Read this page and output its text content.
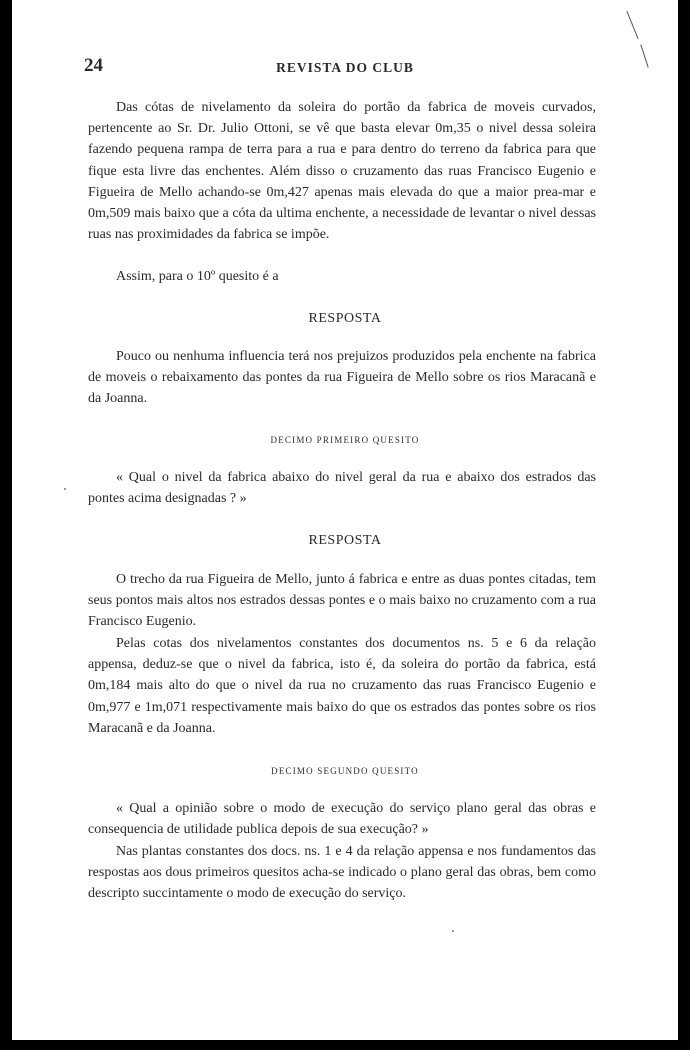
24	REVISTA DO CLUB

Das cótas de nivelamento da soleira do portão da fabrica de moveis curvados, pertencente ao Sr. Dr. Julio Ottoni, se vê que basta elevar 0m,35 o nivel dessa soleira fazendo pequena rampa de terra para a rua e para dentro do terreno da fabrica para que fique esta livre das enchentes. Além disso o cruzamento das ruas Francisco Eugenio e Figueira de Mello achando-se 0m,427 apenas mais elevada do que a maior prea-mar e 0m,509 mais baixo que a cóta da ultima enchente, a necessidade de levantar o nivel dessas ruas nas proximidades da fabrica se impõe.

Assim, para o 10º quesito é a

RESPOSTA

Pouco ou nenhuma influencia terá nos prejuizos produzidos pela enchente na fabrica de moveis o rebaixamento das pontes da rua Figueira de Mello sobre os rios Maracanã e da Joanna.

DECIMO PRIMEIRO QUESITO

« Qual o nivel da fabrica abaixo do nivel geral da rua e abaixo dos estrados das pontes acima designadas ? »

RESPOSTA

O trecho da rua Figueira de Mello, junto á fabrica e entre as duas pontes citadas, tem seus pontos mais altos nos estrados dessas pontes e o mais baixo no cruzamento com a rua Francisco Eugenio.

Pelas cotas dos nivelamentos constantes dos documentos ns. 5 e 6 da relação appensa, deduz-se que o nivel da fabrica, isto é, da soleira do portão da fabrica, está 0m,184 mais alto do que o nivel da rua no cruzamento das ruas Francisco Eugenio e 0m,977 e 1m,071 respectivamente mais baixo do que os estrados das pontes sobre os rios Maracanã e da Joanna.

DECIMO SEGUNDO QUESITO

« Qual a opinião sobre o modo de execução do serviço plano geral das obras e consequencia de utilidade publica depois de sua execução? »

Nas plantas constantes dos docs. ns. 1 e 4 da relação appensa e nos fundamentos das respostas aos dous primeiros quesitos acha-se indicado o plano geral das obras, bem como descripto succintamente o modo de execução do serviço.
